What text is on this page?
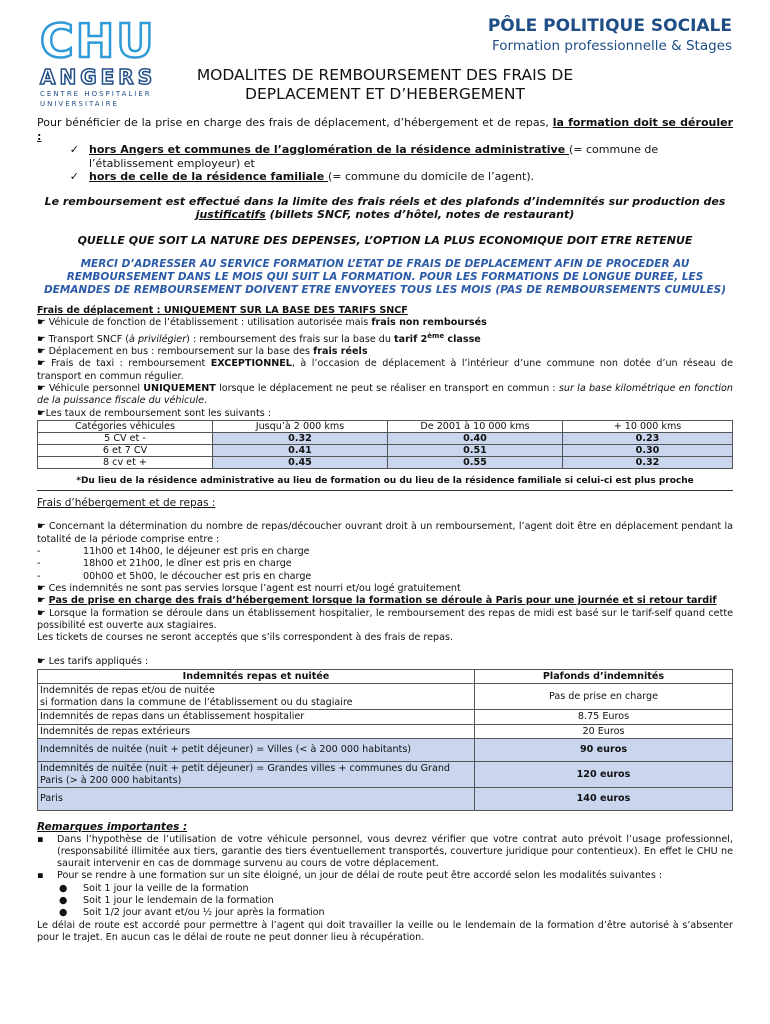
CHU
ANGERS
CENTRE HOSPITALIER
UNIVERSITAIRE
PÔLE POLITIQUE SOCIALE
Formation professionnelle & Stages
MODALITES DE REMBOURSEMENT DES FRAIS DE
DEPLACEMENT ET D’HEBERGEMENT

Pour bénéficier de la prise en charge des frais de déplacement, d’hébergement et de repas, la formation doit se dérouler :

✓ hors Angers et communes de l’agglomération de la résidence administrative (= commune de l’établissement employeur) et
✓ hors de celle de la résidence familiale (= commune du domicile de l’agent).

Le remboursement est effectué dans la limite des frais réels et des plafonds d’indemnités sur production des justificatifs (billets SNCF, notes d’hôtel, notes de restaurant)

QUELLE QUE SOIT LA NATURE DES DEPENSES, L’OPTION LA PLUS ECONOMIQUE DOIT ETRE RETENUE

MERCI D’ADRESSER AU SERVICE FORMATION L’ETAT DE FRAIS DE DEPLACEMENT AFIN DE PROCEDER AU REMBOURSEMENT DANS LE MOIS QUI SUIT LA FORMATION. POUR LES FORMATIONS DE LONGUE DUREE, LES DEMANDES DE REMBOURSEMENT DOIVENT ETRE ENVOYEES TOUS LES MOIS (PAS DE REMBOURSEMENTS CUMULES)

Frais de déplacement : UNIQUEMENT SUR LA BASE DES TARIFS SNCF

☛ Véhicule de fonction de l’établissement : utilisation autorisée mais frais non remboursés

☛ Transport SNCF (à privilégier) : remboursement des frais sur la base du tarif 2ème classe

☛ Déplacement en bus : remboursement sur la base des frais réels

☛ Frais de taxi : remboursement EXCEPTIONNEL, à l’occasion de déplacement à l’intérieur d’une commune non dotée d’un réseau de transport en commun régulier.

☛ Véhicule personnel UNIQUEMENT lorsque le déplacement ne peut se réaliser en transport en commun : sur la base kilométrique en fonction de la puissance fiscale du véhicule.

☛Les taux de remboursement sont les suivants :

Catégories véhicules	Jusqu’à 2 000 kms	De 2001 à 10 000 kms	+ 10 000 kms
5 CV et -	0.32	0.40	0.23
6 et 7 CV	0.41	0.51	0.30
8 cv et +	0.45	0.55	0.32

*Du lieu de la résidence administrative au lieu de formation ou du lieu de la résidence familiale si celui-ci est plus proche

Frais d’hébergement et de repas :

☛ Concernant la détermination du nombre de repas/découcher ouvrant droit à un remboursement, l’agent doit être en déplacement pendant la totalité de la période comprise entre :

-	11h00 et 14h00, le déjeuner est pris en charge
-	18h00 et 21h00, le dîner est pris en charge
-	00h00 et 5h00, le découcher est pris en charge

☛ Ces indemnités ne sont pas servies lorsque l’agent est nourri et/ou logé gratuitement

☛ Pas de prise en charge des frais d’hébergement lorsque la formation se déroule à Paris pour une journée et si retour tardif

☛ Lorsque la formation se déroule dans un établissement hospitalier, le remboursement des repas de midi est basé sur le tarif-self quand cette possibilité est ouverte aux stagiaires.

Les tickets de courses ne seront acceptés que s’ils correspondent à des frais de repas.

☛ Les tarifs appliqués :

Indemnités repas et nuitée	Plafonds d’indemnités
Indemnités de repas et/ou de nuitée
si formation dans la commune de l’établissement ou du stagiaire	Pas de prise en charge
Indemnités de repas dans un établissement hospitalier	8.75 Euros
Indemnités de repas extérieurs	20 Euros
Indemnités de nuitée (nuit + petit déjeuner) = Villes (< à 200 000 habitants)	90 euros
Indemnités de nuitée (nuit + petit déjeuner) = Grandes villes + communes du Grand Paris (> à 200 000 habitants)	120 euros
Paris	140 euros

Remarques importantes :

▪	Dans l’hypothèse de l’utilisation de votre véhicule personnel, vous devrez vérifier que votre contrat auto prévoit l’usage professionnel, (responsabilité illimitée aux tiers, garantie des tiers éventuellement transportés, couverture juridique pour contentieux). En effet le CHU ne saurait intervenir en cas de dommage survenu au cours de votre déplacement.
▪	Pour se rendre à une formation sur un site éloigné, un jour de délai de route peut être accordé selon les modalités suivantes :
●	Soit 1 jour la veille de la formation
●	Soit 1 jour le lendemain de la formation
●	Soit 1/2 jour avant et/ou ½ jour après la formation

Le délai de route est accordé pour permettre à l’agent qui doit travailler la veille ou le lendemain de la formation d’être autorisé à s’absenter pour le trajet. En aucun cas le délai de route ne peut donner lieu à récupération.
